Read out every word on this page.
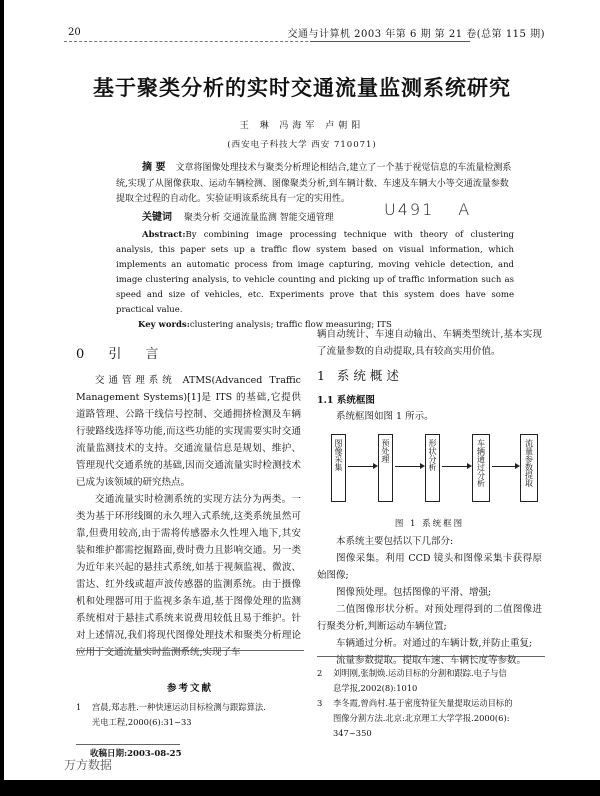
20	交通与计算机 2003 年第 6 期 第 21 卷(总第 115 期)
基于聚类分析的实时交通流量监测系统研究
王 琳 冯海军 卢朝阳
(西安电子科技大学 西安 710071)
摘 要 文章将图像处理技术与聚类分析理论相结合,建立了一个基于视觉信息的车流量检测系统,实现了从图像获取、运动车辆检测、图像聚类分析,到车辆计数、车速及车辆大小等交通流量参数提取全过程的自动化。实验证明该系统具有一定的实用性。
关键词 聚类分析 交通流量监测 智能交通管理	U491 A
Abstract:By combining image processing technique with theory of clustering analysis, this paper sets up a traffic flow system based on visual information, which implements an automatic process from image capturing, moving vehicle detection, and image clustering analysis, to vehicle counting and picking up of traffic information such as speed and size of vehicles, etc. Experiments prove that this system does have some practical value.
Key words:clustering analysis; traffic flow measuring; ITS
0 引 言

交通管理系统 ATMS(Advanced Traffic Management Systems)[1]是 ITS 的基础,它提供道路管理、公路干线信号控制、交通拥挤检测及车辆行驶路线选择等功能,而这些功能的实现需要实时交通流量监测技术的支持。交通流量信息是规划、维护、管理现代交通系统的基础,因而交通流量实时检测技术已成为该领域的研究热点。

交通流量实时检测系统的实现方法分为两类。一类为基于环形线圈的永久埋入式系统,这类系统虽然可靠,但费用较高,由于需将传感器永久性埋入地下,其安装和维护都需挖掘路面,费时费力且影响交通。另一类为近年来兴起的悬挂式系统,如基于视频监视、微波、雷达、红外线或超声波传感器的监测系统。由于摄像机和处理器可用于监视多条车道,基于图像处理的监测系统相对于悬挂式系统来说费用较低且易于维护。针对上述情况,我们将现代图像处理技术和聚类分析理论应用于交通流量实时监测系统,实现了车

辆自动统计、车速自动输出、车辆类型统计,基本实现了流量参数的自动提取,具有较高实用价值。

1 系统概述
1.1 系统框图

系统框图如图 1 所示。

图像采集	预处理	形状分析	车辆通过分析	流量参数提取
图 1 系统框图

本系统主要包括以下几部分:

图像采集。利用 CCD 镜头和图像采集卡获得原始图像;

图像预处理。包括图像的平滑、增强;

二值图像形状分析。对预处理得到的二值图像进行聚类分析,判断运动车辆位置;

车辆通过分析。对通过的车辆计数,并防止重复;

流量参数提取。提取车速、车辆长度等参数。

参考文献
1 宫晨,郑志胜.一种快速运动目标检测与跟踪算法.
光电工程,2000(6):31~33
2 刘明刚,张制焕.运动目标的分割和跟踪.电子与信
息学报,2002(8):1010
3 李冬霞,曾尚村.基于密度特征矢量提取运动目标的
图像分割方法.北京:北京理工大学学报.2000(6):
347~350
收稿日期:2003-08-25
万方数据
